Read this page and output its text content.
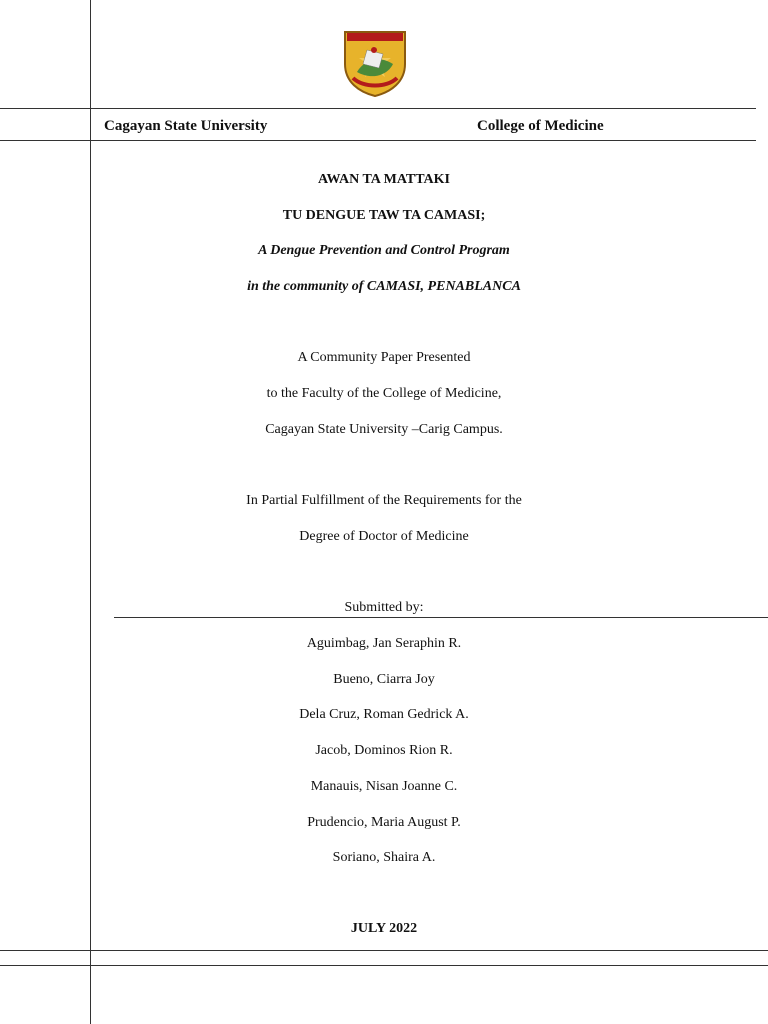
Cagayan State University	College of Medicine
AWAN TA MATTAKI
TU DENGUE TAW TA CAMASI;
A Dengue Prevention and Control Program
in the community of CAMASI, PENABLANCA
A Community Paper Presented
to the Faculty of the College of Medicine,
Cagayan State University –Carig Campus.
In Partial Fulfillment of the Requirements for the
Degree of Doctor of Medicine
Submitted by:
Aguimbag, Jan Seraphin R.
Bueno, Ciarra Joy
Dela Cruz, Roman Gedrick A.
Jacob, Dominos Rion R.
Manauis, Nisan Joanne C.
Prudencio, Maria August P.
Soriano, Shaira A.
JULY 2022
